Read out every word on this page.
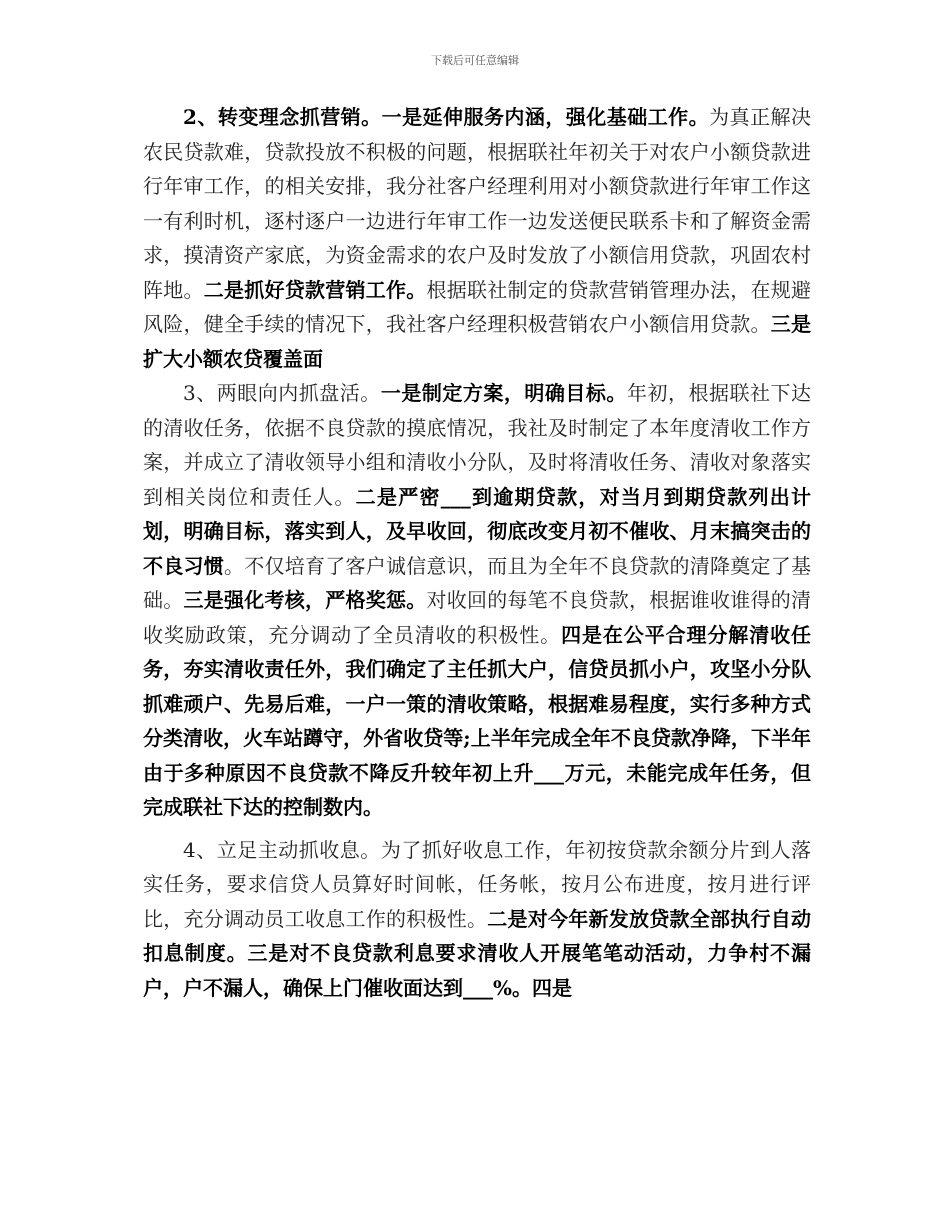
下载后可任意编辑

2、转变理念抓营销。一是延伸服务内涵，强化基础工作。为真正解决农民贷款难，贷款投放不积极的问题，根据联社年初关于对农户小额贷款进行年审工作，的相关安排，我分社客户经理利用对小额贷款进行年审工作这一有利时机，逐村逐户一边进行年审工作一边发送便民联系卡和了解资金需求，摸清资产家底，为资金需求的农户及时发放了小额信用贷款，巩固农村阵地。二是抓好贷款营销工作。根据联社制定的贷款营销管理办法，在规避风险，健全手续的情况下，我社客户经理积极营销农户小额信用贷款。三是扩大小额农贷覆盖面

3、两眼向内抓盘活。一是制定方案，明确目标。年初，根据联社下达的清收任务，依据不良贷款的摸底情况，我社及时制定了本年度清收工作方案，并成立了清收领导小组和清收小分队，及时将清收任务、清收对象落实到相关岗位和责任人。二是严密___到逾期贷款，对当月到期贷款列出计划，明确目标，落实到人，及早收回，彻底改变月初不催收、月末搞突击的不良习惯。不仅培育了客户诚信意识，而且为全年不良贷款的清降奠定了基础。三是强化考核，严格奖惩。对收回的每笔不良贷款，根据谁收谁得的清收奖励政策，充分调动了全员清收的积极性。四是在公平合理分解清收任务，夯实清收责任外，我们确定了主任抓大户，信贷员抓小户，攻坚小分队抓难顽户、先易后难，一户一策的清收策略，根据难易程度，实行多种方式分类清收，火车站蹲守，外省收贷等;上半年完成全年不良贷款净降，下半年由于多种原因不良贷款不降反升较年初上升___万元，未能完成年任务，但完成联社下达的控制数内。

4、立足主动抓收息。为了抓好收息工作，年初按贷款余额分片到人落实任务，要求信贷人员算好时间帐，任务帐，按月公布进度，按月进行评比，充分调动员工收息工作的积极性。二是对今年新发放贷款全部执行自动扣息制度。三是对不良贷款利息要求清收人开展笔笔动活动，力争村不漏户，户不漏人，确保上门催收面达到___%。四是
